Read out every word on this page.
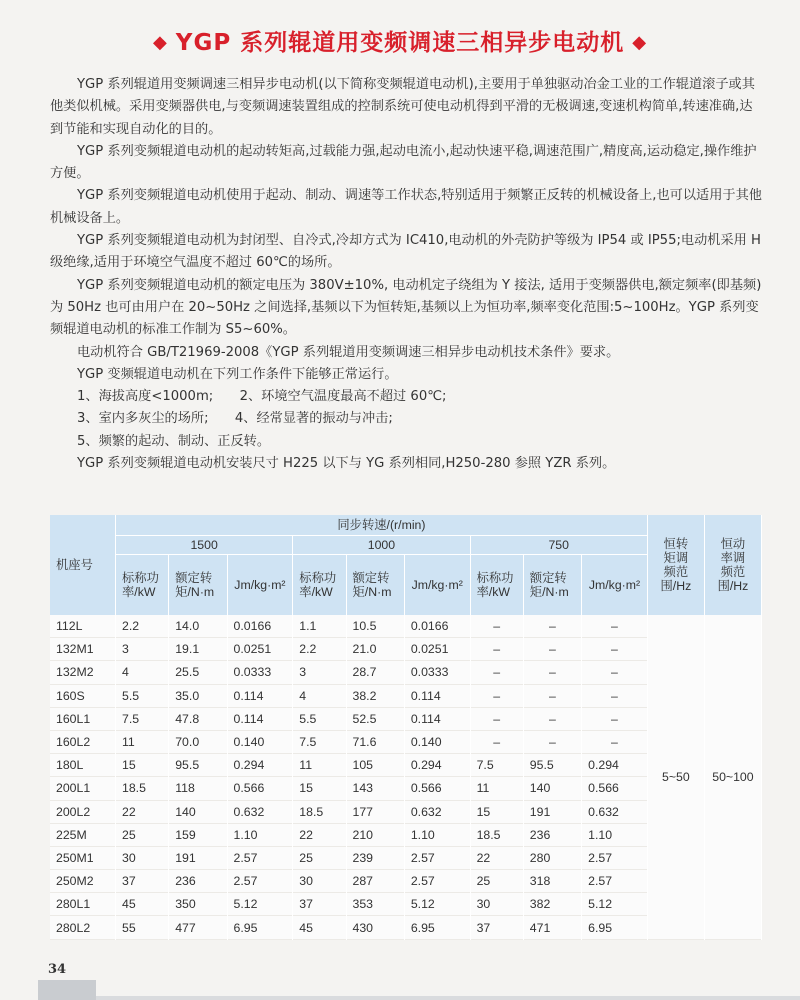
◆ YGP 系列辊道用变频调速三相异步电动机 ◆

YGP 系列辊道用变频调速三相异步电动机(以下简称变频辊道电动机),主要用于单独驱动冶金工业的工作辊道滚子或其他类似机械。采用变频器供电,与变频调速装置组成的控制系统可使电动机得到平滑的无极调速,变速机构简单,转速准确,达到节能和实现自动化的目的。

YGP 系列变频辊道电动机的起动转矩高,过载能力强,起动电流小,起动快速平稳,调速范围广,精度高,运动稳定,操作维护方便。

YGP 系列变频辊道电动机使用于起动、制动、调速等工作状态,特别适用于频繁正反转的机械设备上,也可以适用于其他机械设备上。

YGP 系列变频辊道电动机为封闭型、自冷式,冷却方式为 IC410,电动机的外壳防护等级为 IP54 或 IP55;电动机采用 H 级绝缘,适用于环境空气温度不超过 60℃的场所。

YGP 系列变频辊道电动机的额定电压为 380V±10%, 电动机定子绕组为 Y 接法, 适用于变频器供电,额定频率(即基频)为 50Hz 也可由用户在 20~50Hz 之间选择,基频以下为恒转矩,基频以上为恒功率,频率变化范围:5~100Hz。YGP 系列变频辊道电动机的标准工作制为 S5~60%。

电动机符合 GB/T21969-2008《YGP 系列辊道用变频调速三相异步电动机技术条件》要求。

YGP 变频辊道电动机在下列工作条件下能够正常运行。

1、海拔高度<1000m;　　2、环境空气温度最高不超过 60℃;

3、室内多灰尘的场所;　　4、经常显著的振动与冲击;

5、频繁的起动、制动、正反转。

YGP 系列变频辊道电动机安装尺寸 H225 以下与 YG 系列相同,H250-280 参照 YZR 系列。

机座号	同步转速/(r/min)									恒转矩调频范围/Hz	恒动率调频范围/Hz
	1500			1000			750				
	标称功率/kW	额定转矩/N·m	Jm/kg·m²	标称功率/kW	额定转矩/N·m	Jm/kg·m²	标称功率/kW	额定转矩/N·m	Jm/kg·m²		
112L	2.2	14.0	0.0166	1.1	10.5	0.0166	–	–	–	5~50	50~100
132M1	3	19.1	0.0251	2.2	21.0	0.0251	–	–	–		
132M2	4	25.5	0.0333	3	28.7	0.0333	–	–	–		
160S	5.5	35.0	0.114	4	38.2	0.114	–	–	–		
160L1	7.5	47.8	0.114	5.5	52.5	0.114	–	–	–		
160L2	11	70.0	0.140	7.5	71.6	0.140	–	–	–		
180L	15	95.5	0.294	11	105	0.294	7.5	95.5	0.294		
200L1	18.5	118	0.566	15	143	0.566	11	140	0.566		
200L2	22	140	0.632	18.5	177	0.632	15	191	0.632		
225M	25	159	1.10	22	210	1.10	18.5	236	1.10		
250M1	30	191	2.57	25	239	2.57	22	280	2.57		
250M2	37	236	2.57	30	287	2.57	25	318	2.57		
280L1	45	350	5.12	37	353	5.12	30	382	5.12		
280L2	55	477	6.95	45	430	6.95	37	471	6.95		
34
